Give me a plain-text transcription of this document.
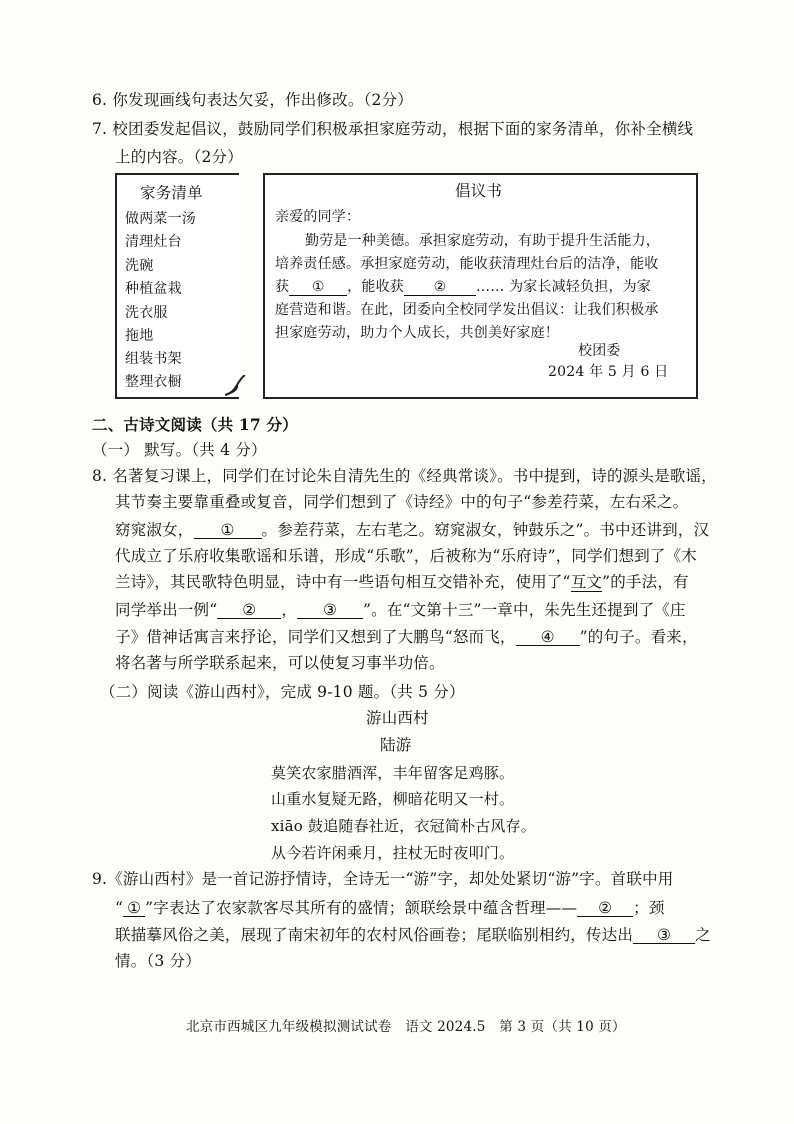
6. 你发现画线句表达欠妥，作出修改。（2分）
7. 校团委发起倡议，鼓励同学们积极承担家庭劳动，根据下面的家务清单，你补全横线
上的内容。（2分）
家务清单
做两菜一汤
清理灶台
洗碗
种植盆栽
洗衣服
拖地
组装书架
整理衣橱
倡议书
亲爱的同学：
勤劳是一种美德。承担家庭劳动，有助于提升生活能力，
培养责任感。承担家庭劳动，能收获清理灶台后的洁净，能收
获 ① ，能收获 ② …… 为家长减轻负担，为家
庭营造和谐。在此，团委向全校同学发出倡议：让我们积极承
担家庭劳动，助力个人成长，共创美好家庭！
校团委
2024 年 5 月 6 日
二、古诗文阅读（共 17 分）
（一） 默写。（共 4 分）
8. 名著复习课上，同学们在讨论朱自清先生的《经典常谈》。书中提到，诗的源头是歌谣，
其节奏主要靠重叠或复音，同学们想到了《诗经》中的句子“参差荇菜，左右采之。
窈窕淑女， ① 。参差荇菜，左右芼之。窈窕淑女，钟鼓乐之”。书中还讲到，汉
代成立了乐府收集歌谣和乐谱，形成“乐歌”，后被称为“乐府诗”，同学们想到了《木
兰诗》，其民歌特色明显，诗中有一些语句相互交错补充，使用了“互文”的手法，有
同学举出一例“ ② ， ③ ”。在“文第十三”一章中，朱先生还提到了《庄
子》借神话寓言来抒论，同学们又想到了大鹏鸟“怒而飞， ④ ”的句子。看来，
将名著与所学联系起来，可以使复习事半功倍。
（二）阅读《游山西村》，完成 9-10 题。（共 5 分）
游山西村
陆游
莫笑农家腊酒浑，丰年留客足鸡豚。
山重水复疑无路，柳暗花明又一村。
xiāo 鼓追随春社近，衣冠简朴古风存。
从今若许闲乘月，拄杖无时夜叩门。
9.《游山西村》是一首记游抒情诗，全诗无一“游”字，却处处紧切“游”字。首联中用
“ ① ”字表达了农家款客尽其所有的盛情；颔联绘景中蕴含哲理—— ② ；颈
联描摹风俗之美，展现了南宋初年的农村风俗画卷；尾联临别相约，传达出 ③ 之
情。（3 分）
北京市西城区九年级模拟测试试卷　语文 2024.5　第 3 页（共 10 页）
